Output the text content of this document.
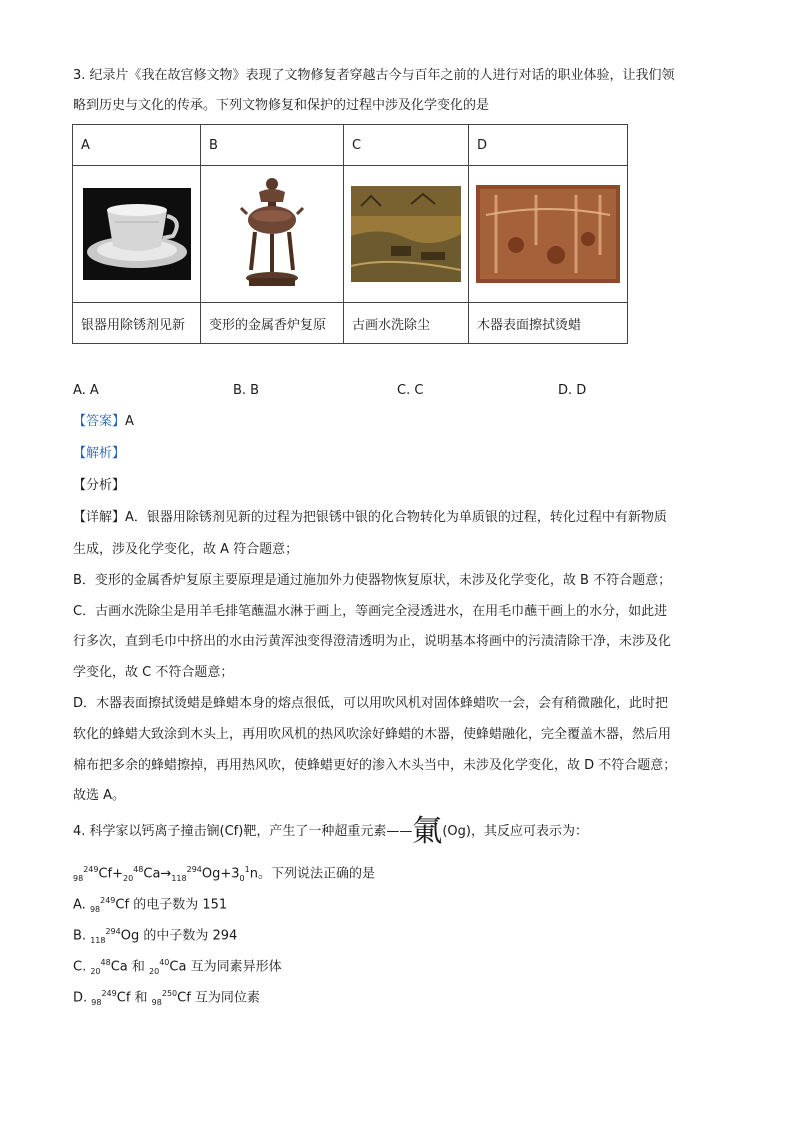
3. 纪录片《我在故宫修文物》表现了文物修复者穿越古今与百年之前的人进行对话的职业体验，让我们领
略到历史与文化的传承。下列文物修复和保护的过程中涉及化学变化的是
A	B	C	D

银器用除锈剂见新	变形的金属香炉复原	古画水洗除尘	木器表面擦拭烫蜡
A. A	B. B	C. C	D. D
【答案】A
【解析】
【分析】
【详解】A．银器用除锈剂见新的过程为把银锈中银的化合物转化为单质银的过程，转化过程中有新物质
生成，涉及化学变化，故 A 符合题意；
B．变形的金属香炉复原主要原理是通过施加外力使器物恢复原状，未涉及化学变化，故 B 不符合题意；
C．古画水洗除尘是用羊毛排笔蘸温水淋于画上，等画完全浸透进水，在用毛巾蘸干画上的水分，如此进
行多次，直到毛巾中挤出的水由污黄浑浊变得澄清透明为止，说明基本将画中的污渍清除干净，未涉及化
学变化，故 C 不符合题意；
D．木器表面擦拭烫蜡是蜂蜡本身的熔点很低，可以用吹风机对固体蜂蜡吹一会，会有稍微融化，此时把
软化的蜂蜡大致涂到木头上，再用吹风机的热风吹涂好蜂蜡的木器，使蜂蜡融化，完全覆盖木器，然后用
棉布把多余的蜂蜡擦掉，再用热风吹，使蜂蜡更好的渗入木头当中，未涉及化学变化，故 D 不符合题意；
故选 A。
4. 科学家以钙离子撞击锎(Cf)靶，产生了一种超重元素——氭(Og)，其反应可表示为：
$_{98}^{249}Cf+_{20}^{48}Ca\to_{118}^{294}Og+3_0^1n$。下列说法正确的是
A. $_{98}^{249}$Cf 的电子数为 151
B. $_{118}^{294}$Og 的中子数为 294
C. $_{20}^{48}$Ca 和 $_{20}^{40}$Ca 互为同素异形体
D. $_{98}^{249}$Cf 和 $_{98}^{250}$Cf 互为同位素
